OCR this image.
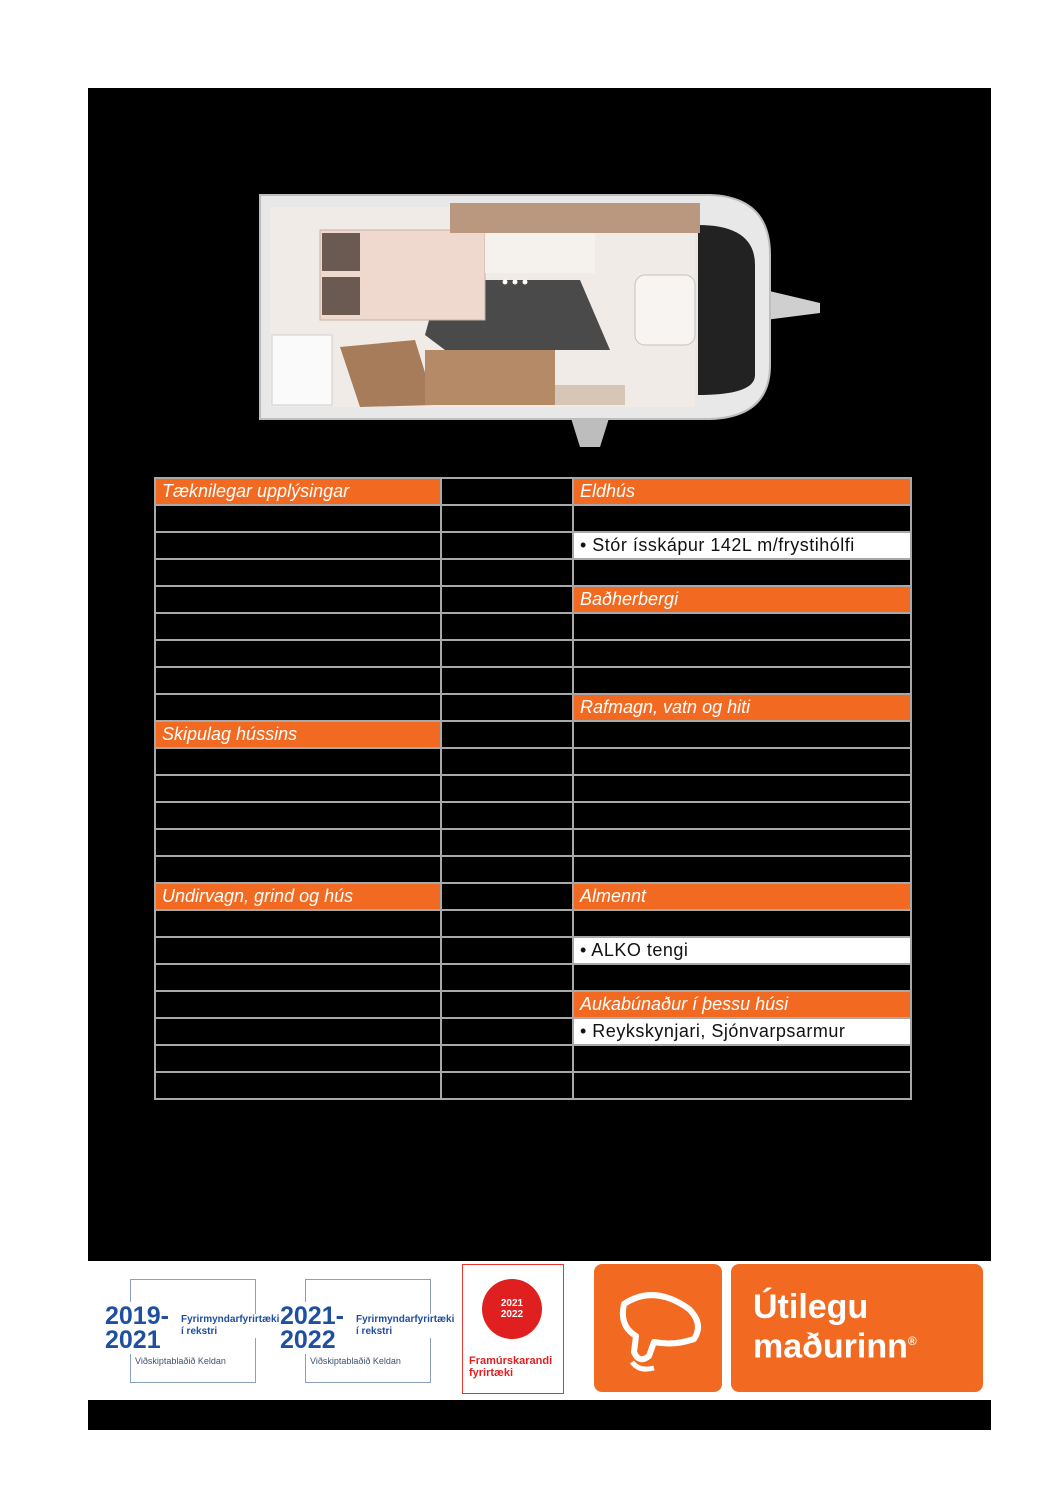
Tæknilegar upplýsingar		Eldhús

		• Stór ísskápur 142L m/frystihólfi

		Baðherbergi

		Rafmagn, vatn og hiti
Skipulag hússins		

Undirvagn, grind og hús		Almennt

		• ALKO tengi

		Aukabúnaður í þessu húsi
		• Reykskynjari, Sjónvarpsarmur

2019-
2021
Fyrirmyndarfyrirtæki
í rekstri
Viðskiptablaðið Keldan
2021-
2022
Fyrirmyndarfyrirtæki
í rekstri
Viðskiptablaðið Keldan
2021
2022
Framúrskarandi
fyrirtæki
Útilegu
maðurinn®
